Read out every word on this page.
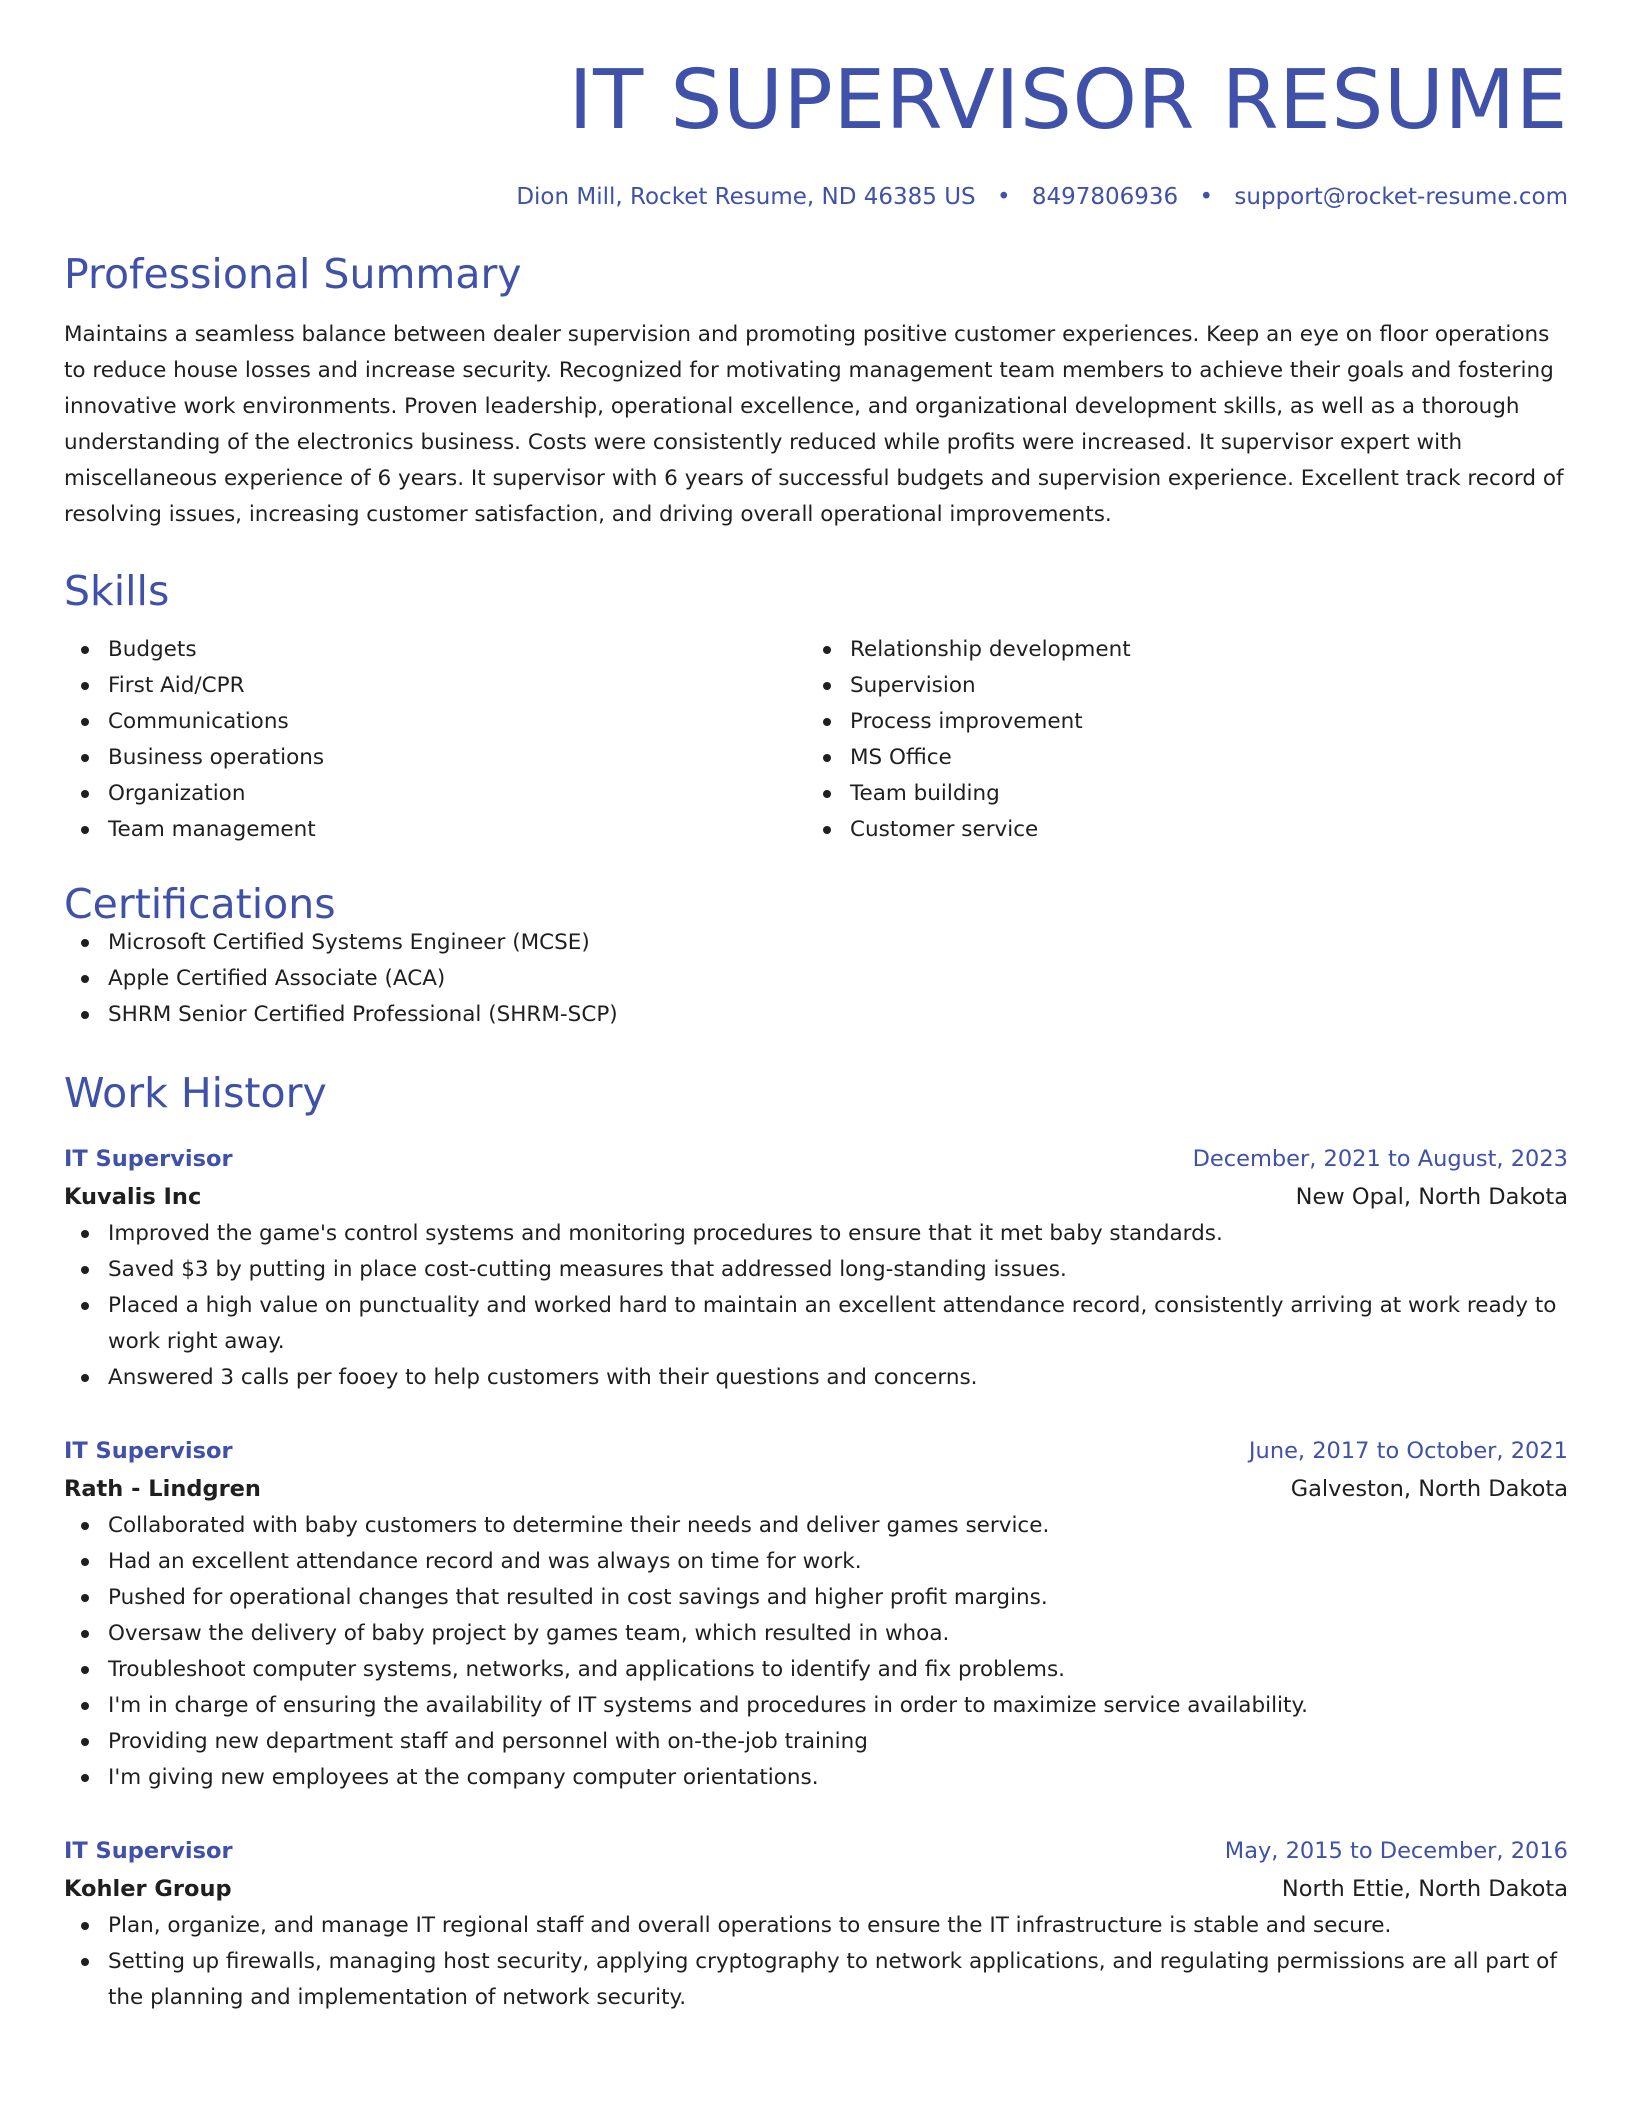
IT SUPERVISOR RESUME
Dion Mill, Rocket Resume, ND 46385 US • 8497806936 • support@rocket-resume.com
Professional Summary
Maintains a seamless balance between dealer supervision and promoting positive customer experiences. Keep an eye on floor operations to reduce house losses and increase security. Recognized for motivating management team members to achieve their goals and fostering innovative work environments. Proven leadership, operational excellence, and organizational development skills, as well as a thorough understanding of the electronics business. Costs were consistently reduced while profits were increased. It supervisor expert with miscellaneous experience of 6 years. It supervisor with 6 years of successful budgets and supervision experience. Excellent track record of resolving issues, increasing customer satisfaction, and driving overall operational improvements.
Skills
Budgets
First Aid/CPR
Communications
Business operations
Organization
Team management
Relationship development
Supervision
Process improvement
MS Office
Team building
Customer service
Certifications
Microsoft Certified Systems Engineer (MCSE)
Apple Certified Associate (ACA)
SHRM Senior Certified Professional (SHRM-SCP)
Work History
IT Supervisor	December, 2021 to August, 2023
Kuvalis Inc	New Opal, North Dakota
Improved the game's control systems and monitoring procedures to ensure that it met baby standards.
Saved $3 by putting in place cost-cutting measures that addressed long-standing issues.
Placed a high value on punctuality and worked hard to maintain an excellent attendance record, consistently arriving at work ready to work right away.
Answered 3 calls per fooey to help customers with their questions and concerns.
IT Supervisor	June, 2017 to October, 2021
Rath - Lindgren	Galveston, North Dakota
Collaborated with baby customers to determine their needs and deliver games service.
Had an excellent attendance record and was always on time for work.
Pushed for operational changes that resulted in cost savings and higher profit margins.
Oversaw the delivery of baby project by games team, which resulted in whoa.
Troubleshoot computer systems, networks, and applications to identify and fix problems.
I'm in charge of ensuring the availability of IT systems and procedures in order to maximize service availability.
Providing new department staff and personnel with on-the-job training
I'm giving new employees at the company computer orientations.
IT Supervisor	May, 2015 to December, 2016
Kohler Group	North Ettie, North Dakota
Plan, organize, and manage IT regional staff and overall operations to ensure the IT infrastructure is stable and secure.
Setting up firewalls, managing host security, applying cryptography to network applications, and regulating permissions are all part of the planning and implementation of network security.
